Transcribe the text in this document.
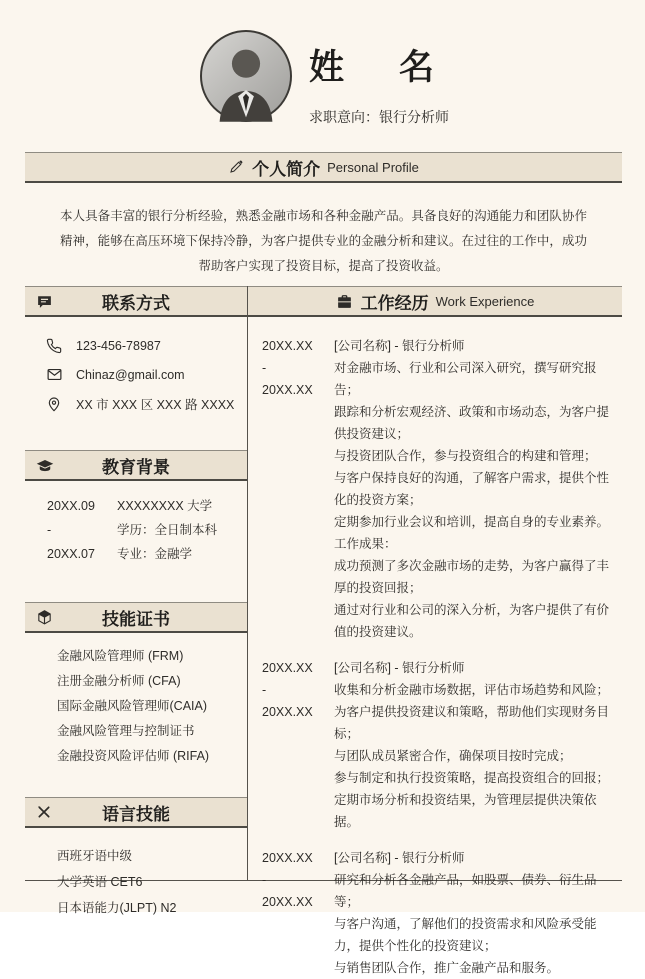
姓　名
求职意向：银行分析师
个人简介 Personal Profile

本人具备丰富的银行分析经验，熟悉金融市场和各种金融产品。具备良好的沟通能力和团队协作精神，能够在高压环境下保持冷静，为客户提供专业的金融分析和建议。在过往的工作中，成功帮助客户实现了投资目标，提高了投资收益。

联系方式
123-456-78987
Chinaz@gmail.com
XX 市 XXX 区 XXX 路 XXXX
教育背景
20XX.09
-
20XX.07
XXXXXXXX 大学
学历：全日制本科
专业：金融学
技能证书
金融风险管理师 (FRM)
注册金融分析师 (CFA)
国际金融风险管理师(CAIA)
金融风险管理与控制证书
金融投资风险评估师 (RIFA)
语言技能
西班牙语中级
大学英语 CET6
日本语能力(JLPT) N2
工作经历 Work Experience
20XX.XX
-
20XX.XX
[公司名称] - 银行分析师
对金融市场、行业和公司深入研究，撰写研究报告；
跟踪和分析宏观经济、政策和市场动态，为客户提供投资建议；
与投资团队合作，参与投资组合的构建和管理；
与客户保持良好的沟通，了解客户需求，提供个性化的投资方案；
定期参加行业会议和培训，提高自身的专业素养。
工作成果：
成功预测了多次金融市场的走势，为客户赢得了丰厚的投资回报；
通过对行业和公司的深入分析，为客户提供了有价值的投资建议。
20XX.XX
-
20XX.XX
[公司名称] - 银行分析师
收集和分析金融市场数据，评估市场趋势和风险；
为客户提供投资建议和策略，帮助他们实现财务目标；
与团队成员紧密合作，确保项目按时完成；
参与制定和执行投资策略，提高投资组合的回报；
定期市场分析和投资结果，为管理层提供决策依据。
20XX.XX
-
20XX.XX
[公司名称] - 银行分析师
研究和分析各金融产品，如股票、债券、衍生品等；
与客户沟通，了解他们的投资需求和风险承受能力，提供个性化的投资建议；
与销售团队合作，推广金融产品和服务。
